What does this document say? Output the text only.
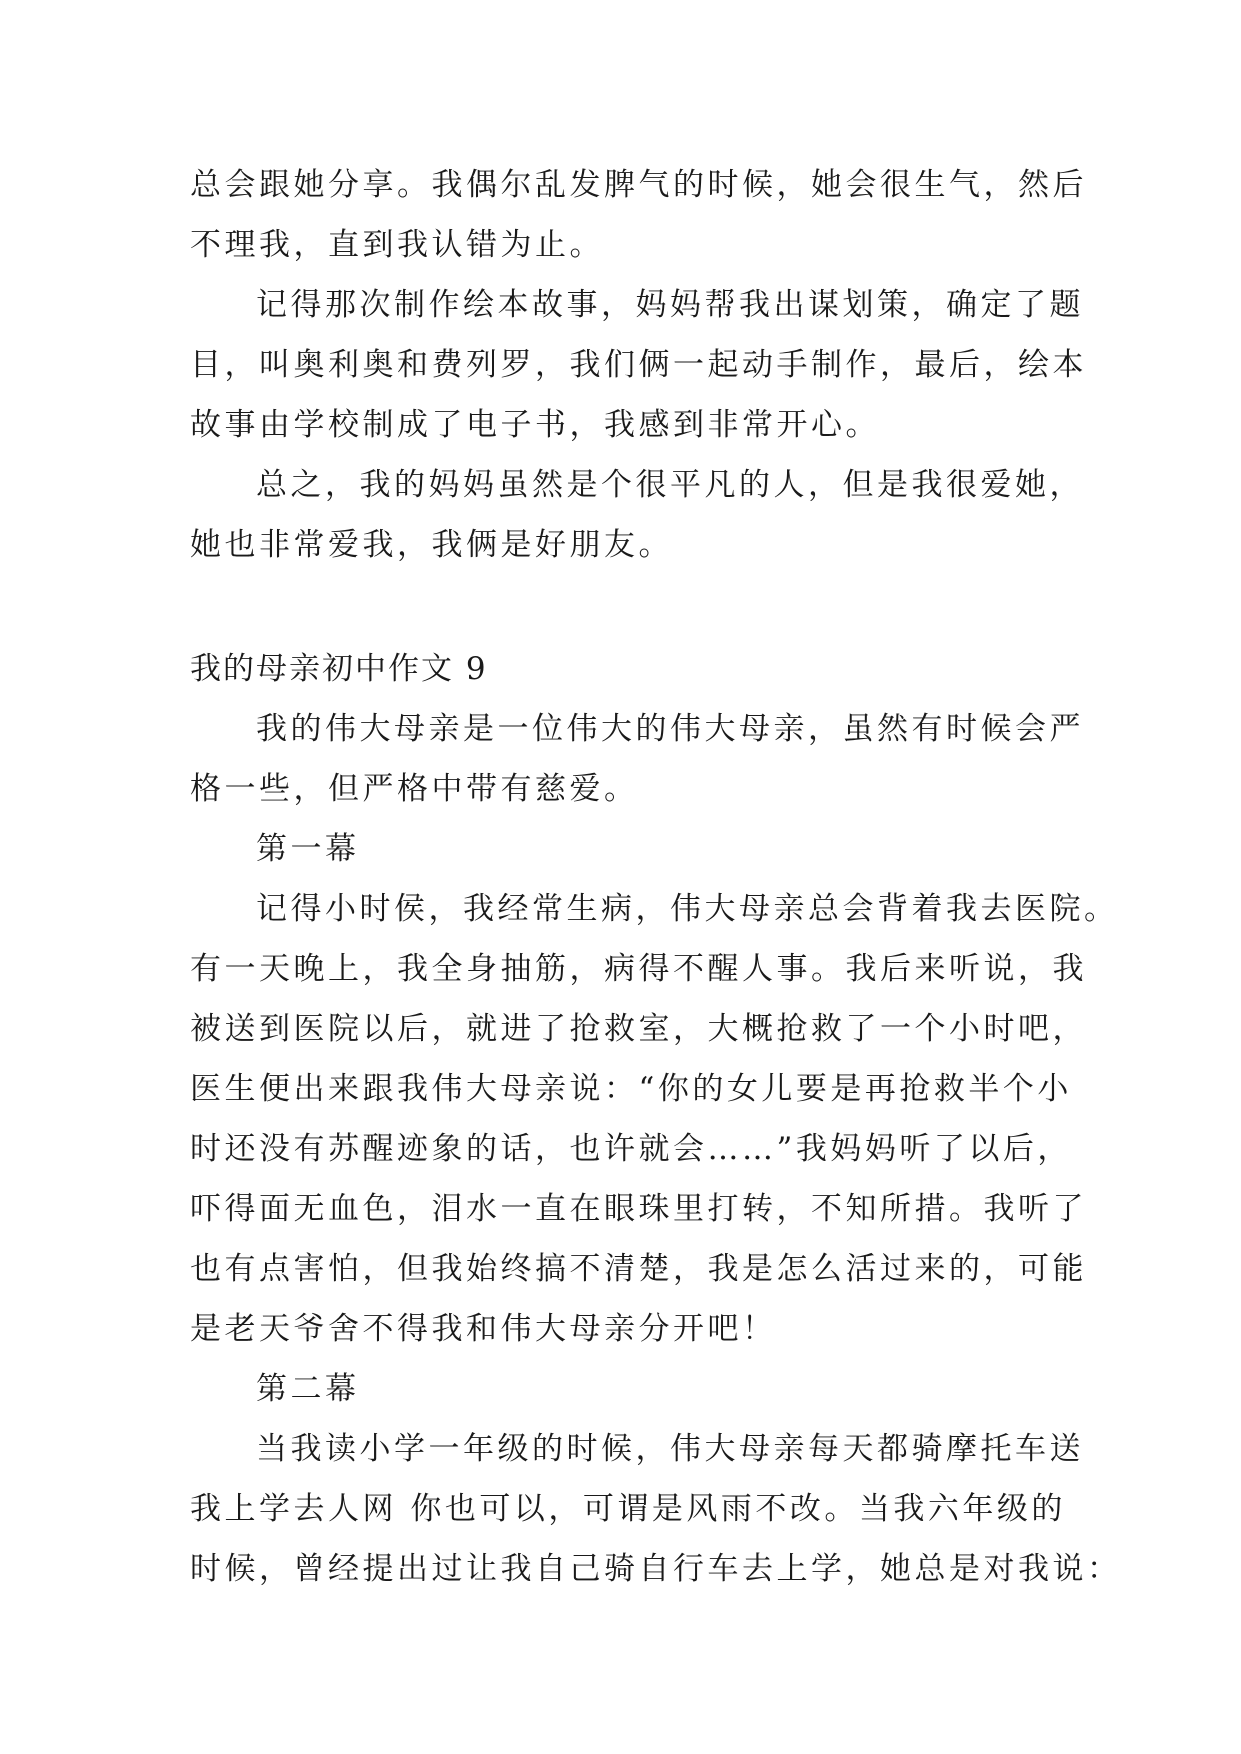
总会跟她分享。我偶尔乱发脾气的时候，她会很生气，然后
不理我，直到我认错为止。
记得那次制作绘本故事，妈妈帮我出谋划策，确定了题
目，叫奥利奥和费列罗，我们俩一起动手制作，最后，绘本
故事由学校制成了电子书，我感到非常开心。
总之，我的妈妈虽然是个很平凡的人，但是我很爱她，
她也非常爱我，我俩是好朋友。
我的母亲初中作文 9
我的伟大母亲是一位伟大的伟大母亲，虽然有时候会严
格一些，但严格中带有慈爱。
第一幕
记得小时侯，我经常生病，伟大母亲总会背着我去医院。
有一天晚上，我全身抽筋，病得不醒人事。我后来听说，我
被送到医院以后，就进了抢救室，大概抢救了一个小时吧，
医生便出来跟我伟大母亲说：“你的女儿要是再抢救半个小
时还没有苏醒迹象的话，也许就会……”我妈妈听了以后，
吓得面无血色，泪水一直在眼珠里打转，不知所措。我听了
也有点害怕，但我始终搞不清楚，我是怎么活过来的，可能
是老天爷舍不得我和伟大母亲分开吧！
第二幕
当我读小学一年级的时候，伟大母亲每天都骑摩托车送
我上学去人网 你也可以，可谓是风雨不改。当我六年级的
时候，曾经提出过让我自己骑自行车去上学，她总是对我说：
